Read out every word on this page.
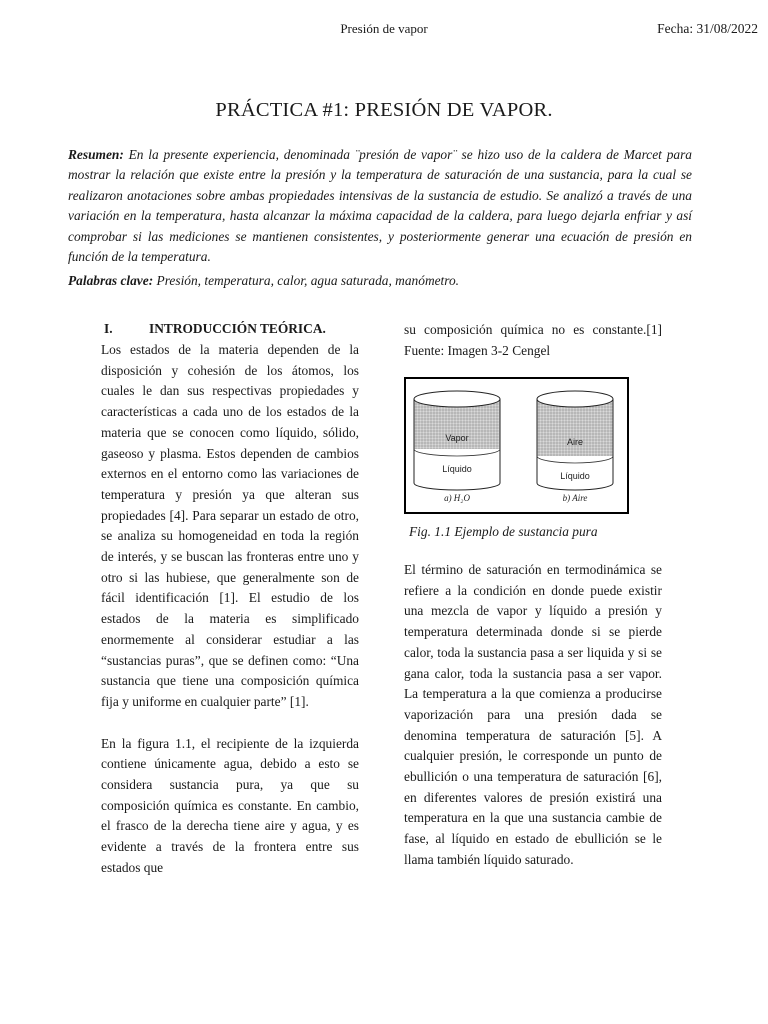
Presión de vapor	Fecha: 31/08/2022
PRÁCTICA #1: PRESIÓN DE VAPOR.

Resumen: En la presente experiencia, denominada ¨presión de vapor¨ se hizo uso de la caldera de Marcet para mostrar la relación que existe entre la presión y la temperatura de saturación de una sustancia, para la cual se realizaron anotaciones sobre ambas propiedades intensivas de la sustancia de estudio. Se analizó a través de una variación en la temperatura, hasta alcanzar la máxima capacidad de la caldera, para luego dejarla enfriar y así comprobar si las mediciones se mantienen consistentes, y posteriormente generar una ecuación de presión en función de la temperatura.

Palabras clave: Presión, temperatura, calor, agua saturada, manómetro.

I.	INTRODUCCIÓN TEÓRICA.

Los estados de la materia dependen de la disposición y cohesión de los átomos, los cuales le dan sus respectivas propiedades y características a cada uno de los estados de la materia que se conocen como líquido, sólido, gaseoso y plasma. Estos dependen de cambios externos en el entorno como las variaciones de temperatura y presión ya que alteran sus propiedades [4]. Para separar un estado de otro, se analiza su homogeneidad en toda la región de interés, y se buscan las fronteras entre uno y otro si las hubiese, que generalmente son de fácil identificación [1]. El estudio de los estados de la materia es simplificado enormemente al considerar estudiar a las “sustancias puras”, que se definen como: “Una sustancia que tiene una composición química fija y uniforme en cualquier parte” [1].

En la figura 1.1, el recipiente de la izquierda contiene únicamente agua, debido a esto se considera sustancia pura, ya que su composición química es constante. En cambio, el frasco de la derecha tiene aire y agua, y es evidente a través de la frontera entre sus estados que

su composición química no es constante.[1] Fuente: Imagen 3-2 Cengel

Vapor
Líquido
Aire
Líquido
a) H₂O	b) Aire
Fig. 1.1 Ejemplo de sustancia pura

El término de saturación en termodinámica se refiere a la condición en donde puede existir una mezcla de vapor y líquido a presión y temperatura determinada donde si se pierde calor, toda la sustancia pasa a ser liquida y si se gana calor, toda la sustancia pasa a ser vapor. La temperatura a la que comienza a producirse vaporización para una presión dada se denomina temperatura de saturación [5]. A cualquier presión, le corresponde un punto de ebullición o una temperatura de saturación [6], en diferentes valores de presión existirá una temperatura en la que una sustancia cambie de fase, al líquido en estado de ebullición se le llama también líquido saturado.
